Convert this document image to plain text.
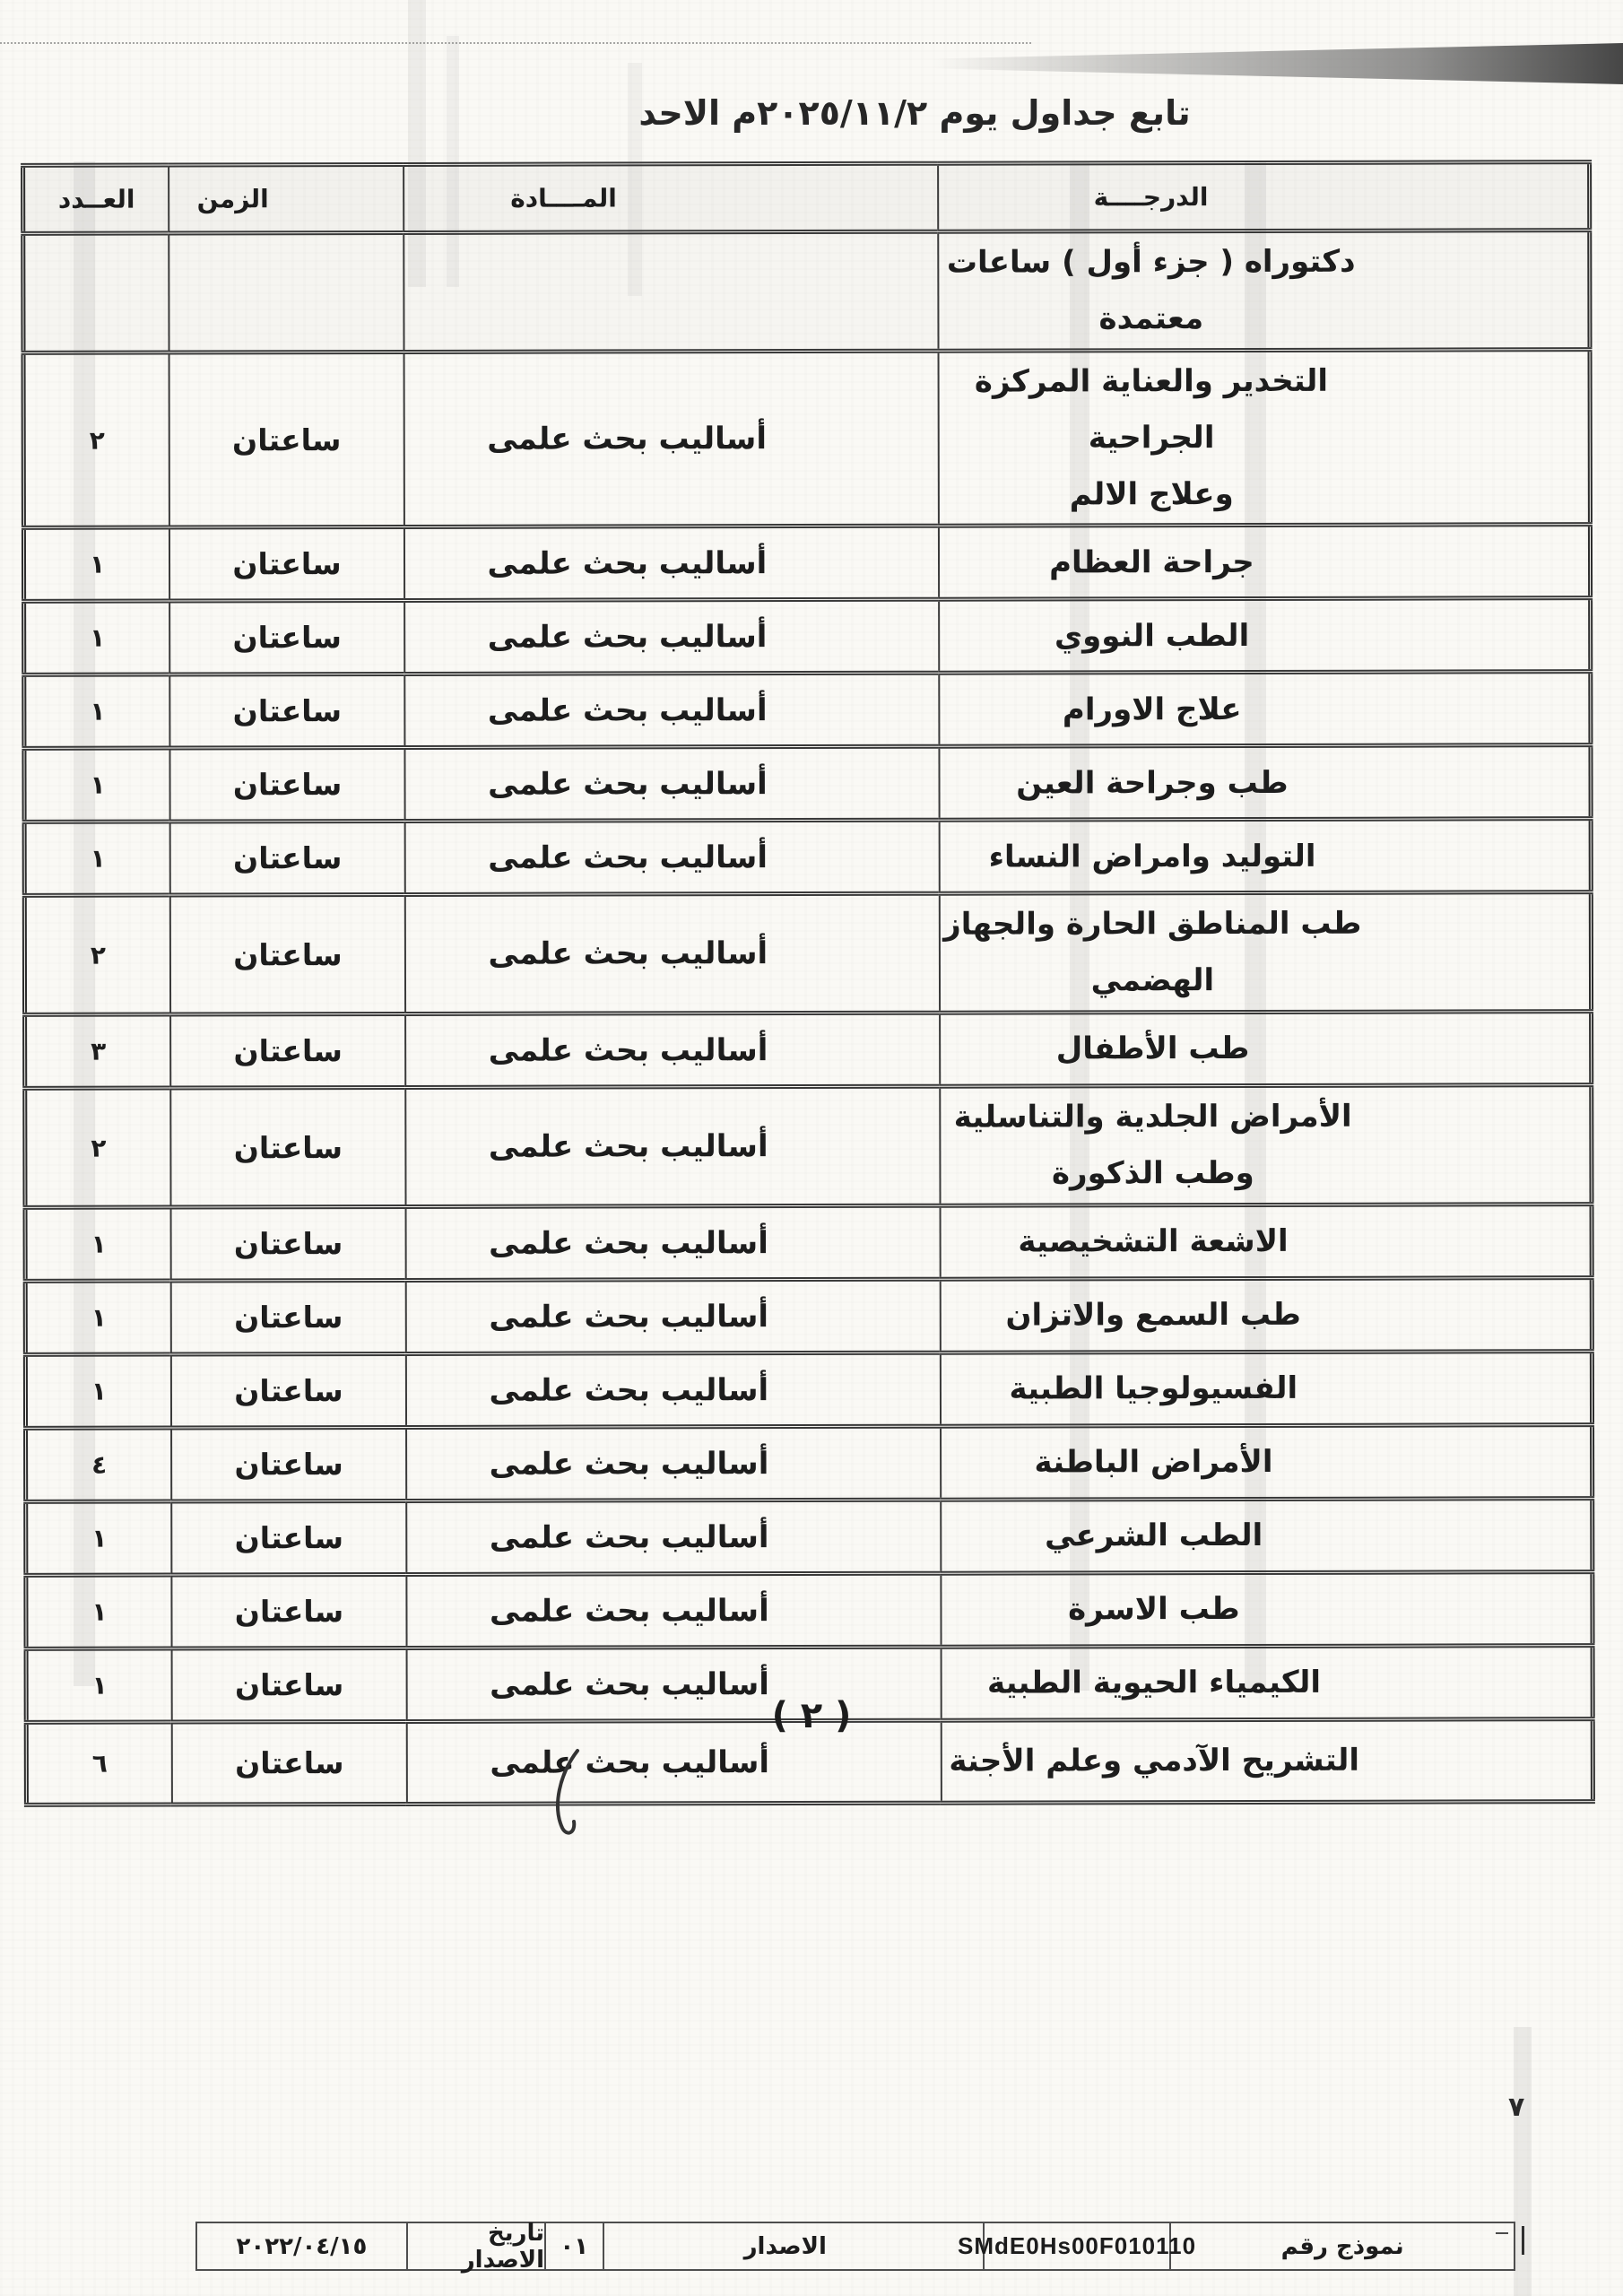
تابع جداول يوم ٢٠٢٥/١١/٢م الاحد
الدرجــــة	المــــادة	الزمن	العــدد
دكتوراه ( جزء أول ) ساعات معتمدة			
التخدير والعناية المركزة الجراحية
وعلاج الالم	أساليب بحث علمى	ساعتان	٢
جراحة العظام	أساليب بحث علمى	ساعتان	١
الطب النووي	أساليب بحث علمى	ساعتان	١
علاج الاورام	أساليب بحث علمى	ساعتان	١
طب وجراحة العين	أساليب بحث علمى	ساعتان	١
التوليد وامراض النساء	أساليب بحث علمى	ساعتان	١
طب المناطق الحارة والجهاز الهضمي	أساليب بحث علمى	ساعتان	٢
طب الأطفال	أساليب بحث علمى	ساعتان	٣
الأمراض الجلدية والتناسلية وطب الذكورة	أساليب بحث علمى	ساعتان	٢
الاشعة التشخيصية	أساليب بحث علمى	ساعتان	١
طب السمع والاتزان	أساليب بحث علمى	ساعتان	١
الفسيولوجيا الطبية	أساليب بحث علمى	ساعتان	١
الأمراض الباطنة	أساليب بحث علمى	ساعتان	٤
الطب الشرعي	أساليب بحث علمى	ساعتان	١
طب الاسرة	أساليب بحث علمى	ساعتان	١
الكيمياء الحيوية الطبية	أساليب بحث علمى	ساعتان	١
التشريح الآدمي وعلم الأجنة	أساليب بحث علمى	ساعتان	٦
( ٢ )
٧
٢٠٢٢/٠٤/١٥	تاريخ الاصدار ٠١	الاصدار	SMdE0Hs00F010110	نموذج رقم
